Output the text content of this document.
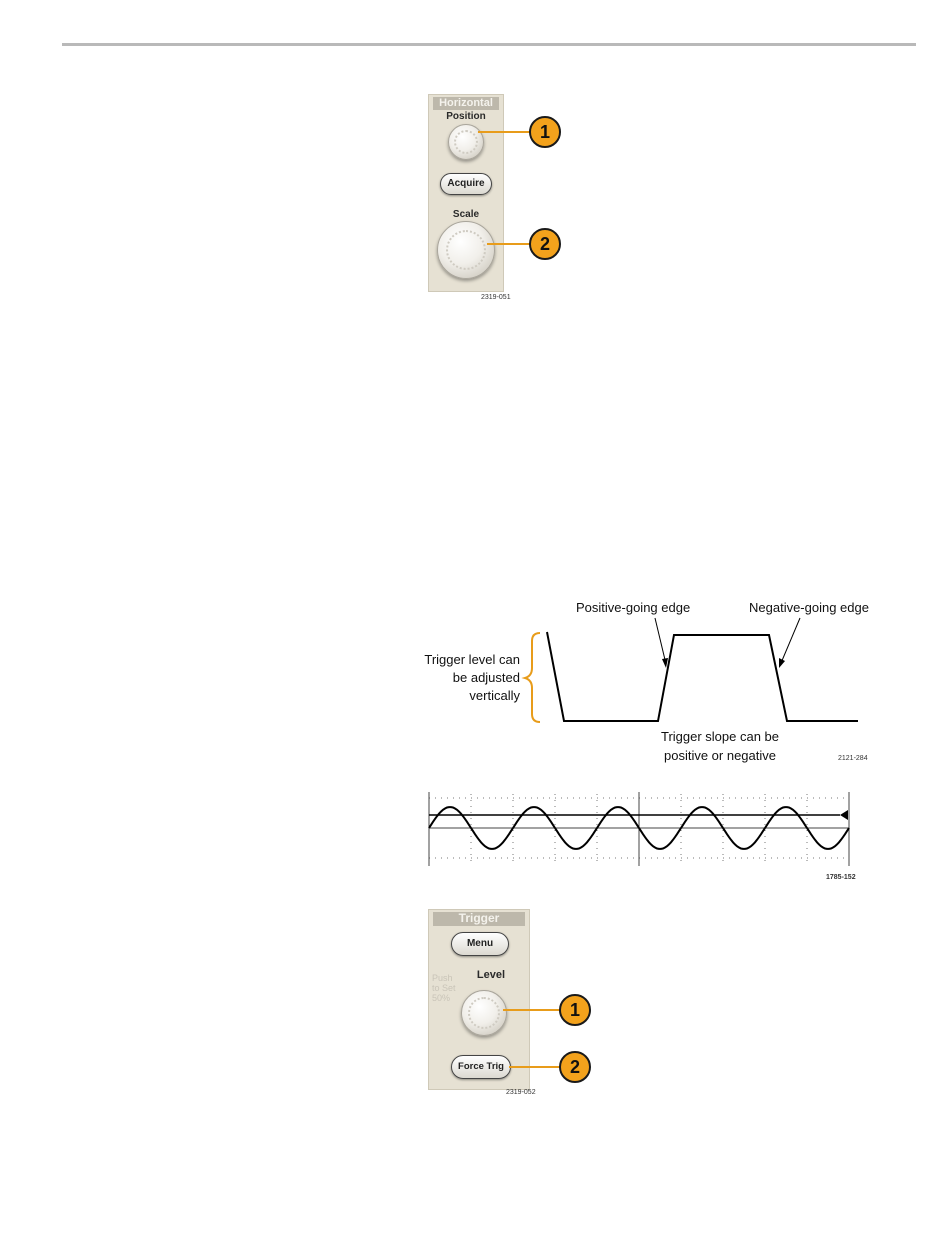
Horizontal
Position
Acquire
Scale
2319-051
1
2
Positive-going edge	Negative-going edge
Trigger level can
be adjusted
vertically
Trigger slope can be
positive or negative	2121-284
1785-152
Trigger
Menu
Push
to Set
50%
Level
Force Trig
2319-052
1
2
